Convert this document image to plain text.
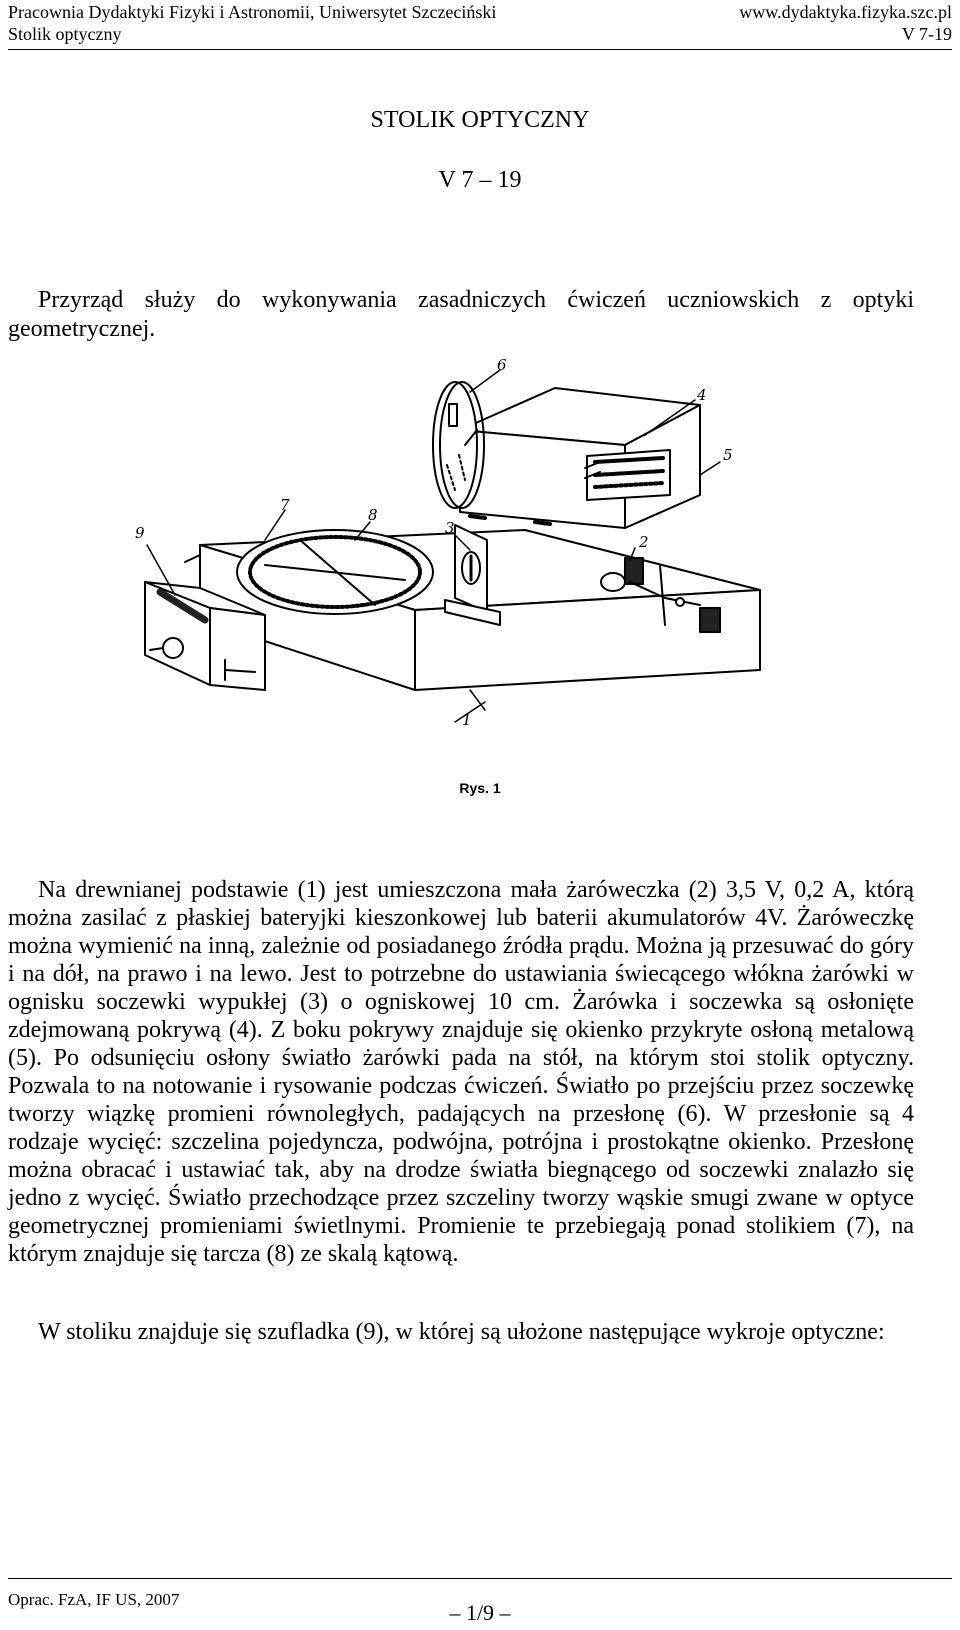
Pracownia Dydaktyki Fizyki i Astronomii, Uniwersytet Szczeciński	www.dydaktyka.fizyka.szc.pl
Stolik optyczny	V 7-19
STOLIK OPTYCZNY
V 7 – 19

Przyrząd służy do wykonywania zasadniczych ćwiczeń uczniowskich z optyki geometrycznej.

1
2
3
4
5
6
7
8
9
Rys. 1

Na drewnianej podstawie (1) jest umieszczona mała żaróweczka (2) 3,5 V, 0,2 A, którą można zasilać z płaskiej bateryjki kieszonkowej lub baterii akumulatorów 4V. Żaróweczkę można wymienić na inną, zależnie od posiadanego źródła prądu. Można ją przesuwać do góry i na dół, na prawo i na lewo. Jest to potrzebne do ustawiania świecącego włókna żarówki w ognisku soczewki wypukłej (3) o ogniskowej 10 cm. Żarówka i soczewka są osłonięte zdejmowaną pokrywą (4). Z boku pokrywy znajduje się okienko przykryte osłoną metalową (5). Po odsunięciu osłony światło żarówki pada na stół, na którym stoi stolik optyczny. Pozwala to na notowanie i rysowanie podczas ćwiczeń. Światło po przejściu przez soczewkę tworzy wiązkę promieni równoległych, padających na przesłonę (6). W przesłonie są 4 rodzaje wycięć: szczelina pojedyncza, podwójna, potrójna i prostokątne okienko. Przesłonę można obracać i ustawiać tak, aby na drodze światła biegnącego od soczewki znalazło się jedno z wycięć. Światło przechodzące przez szczeliny tworzy wąskie smugi zwane w optyce geometrycznej promieniami świetlnymi. Promienie te przebiegają ponad stolikiem (7), na którym znajduje się tarcza (8) ze skalą kątową.

W stoliku znajduje się szufladka (9), w której są ułożone następujące wykroje optyczne:

Oprac. FzA, IF US, 2007
– 1/9 –
